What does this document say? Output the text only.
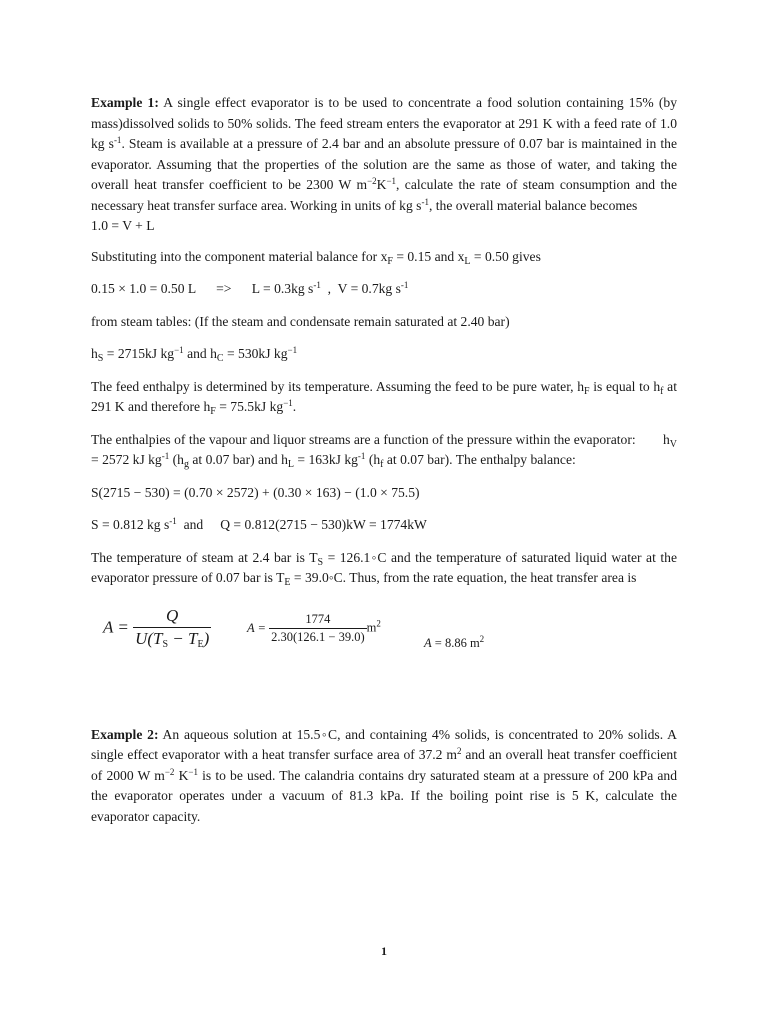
Example 1: A single effect evaporator is to be used to concentrate a food solution containing 15% (by mass)dissolved solids to 50% solids. The feed stream enters the evaporator at 291 K with a feed rate of 1.0 kg $s^{-1}$. Steam is available at a pressure of 2.4 bar and an absolute pressure of 0.07 bar is maintained in the evaporator. Assuming that the properties of the solution are the same as those of water, and taking the overall heat transfer coefficient to be 2300 W $m^{-2}K^{-1}$, calculate the rate of steam consumption and the necessary heat transfer surface area. Working in units of kg $s^{-1}$, the overall material balance becomes

1.0 = V + L

Substituting into the component material balance for $x_F = 0.15$ and $x_L = 0.50$ gives

0.15 × 1.0 = 0.50 L      =>      L = 0.3kg $s^{-1}$  ,  V = 0.7kg $s^{-1}$

from steam tables: (If the steam and condensate remain saturated at 2.40 bar)

$h_S = 2715kJ$ $kg^{-1}$ and $h_C = 530kJ$ $kg^{-1}$

The feed enthalpy is determined by its temperature. Assuming the feed to be pure water, $h_F$ is equal to $h_f$ at 291 K and therefore $h_F = 75.5kJ$ $kg^{-1}$.

The enthalpies of the vapour and liquor streams are a function of the pressure within the evaporator:        $h_V = 2572$ kJ $kg^{-1}$ ($h_g$ at 0.07 bar) and $h_L = 163kJ$ $kg^{-1}$ ($h_f$ at 0.07 bar). The enthalpy balance:

S(2715 − 530) = (0.70 × 2572) + (0.30 × 163) − (1.0 × 75.5)

S = 0.812 kg $s^{-1}$  and     Q = 0.812(2715 − 530)kW = 1774kW

The temperature of steam at 2.4 bar is $T_S$ = 126.1◦C and the temperature of saturated liquid water at the evaporator pressure of 0.07 bar is $T_E$ = 39.0◦C. Thus, from the rate equation, the heat transfer area is

$A = \frac{Q}{U(T_S - T_E)}$	$A = \frac{1774}{2.30(126.1 - 39.0)} m^2$
A = 8.86 $m^2$

Example 2: An aqueous solution at 15.5◦C, and containing 4% solids, is concentrated to 20% solids. A single effect evaporator with a heat transfer surface area of 37.2 $m^2$ and an overall heat transfer coefficient of 2000 W $m^{-2}$ $K^{-1}$ is to be used. The calandria contains dry saturated steam at a pressure of 200 kPa and the evaporator operates under a vacuum of 81.3 kPa. If the boiling point rise is 5 K, calculate the evaporator capacity.

1
